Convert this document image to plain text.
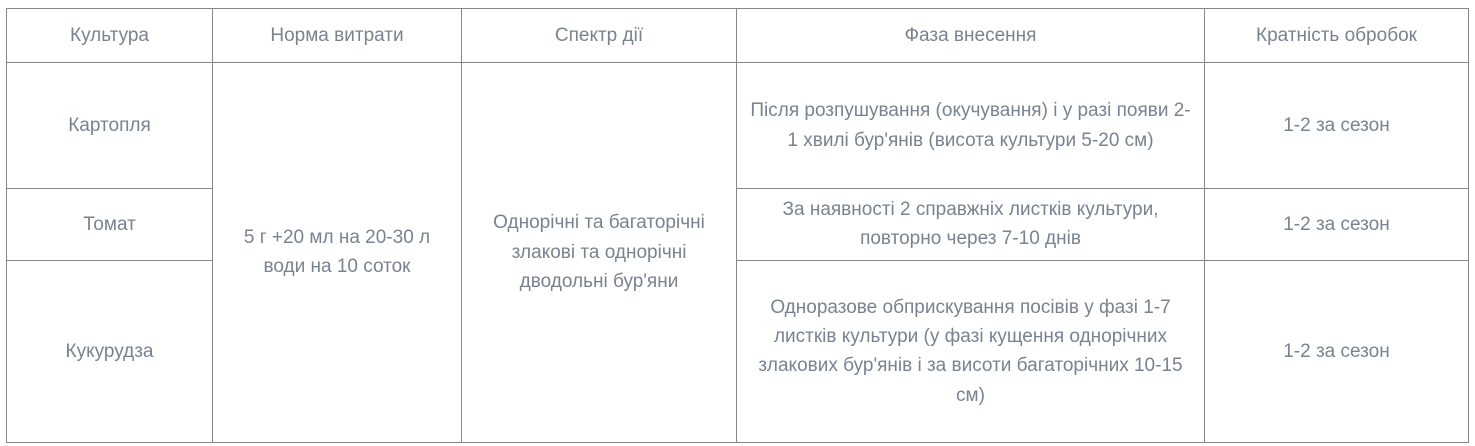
Культура	Норма витрати	Спектр дії	Фаза внесення	Кратність обробок
Картопля	5 г +20 мл на 20-30 л води на 10 соток	Однорічні та багаторічні злакові та однорічні дводольні бур'яни	Після розпушування (окучування) і у разі появи 2-1 хвилі бур'янів (висота культури 5-20 см)	1-2 за сезон
Томат			За наявності 2 справжніх листків культури, повторно через 7-10 днів	1-2 за сезон
Кукурудза			Одноразове обприскування посівів у фазі 1-7 листків культури (у фазі кущення однорічних злакових бур'янів і за висоти багаторічних 10-15 см)	1-2 за сезон
